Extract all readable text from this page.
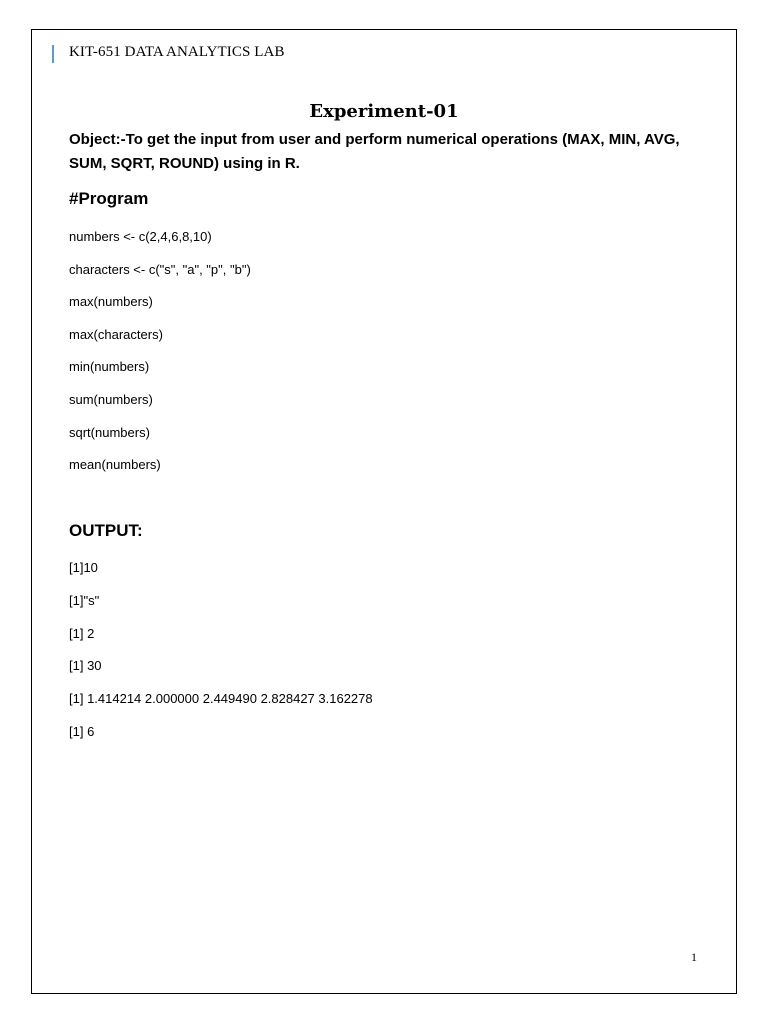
KIT-651 DATA ANALYTICS LAB
Experiment-01
Object:-To get the input from user and perform numerical operations (MAX, MIN, AVG, SUM, SQRT, ROUND) using in R.
#Program
numbers <- c(2,4,6,8,10)
characters <- c("s", "a", "p", "b")
max(numbers)
max(characters)
min(numbers)
sum(numbers)
sqrt(numbers)
mean(numbers)
OUTPUT:
[1]10
[1]"s"
[1] 2
[1] 30
[1] 1.414214 2.000000 2.449490 2.828427 3.162278
[1] 6
1
